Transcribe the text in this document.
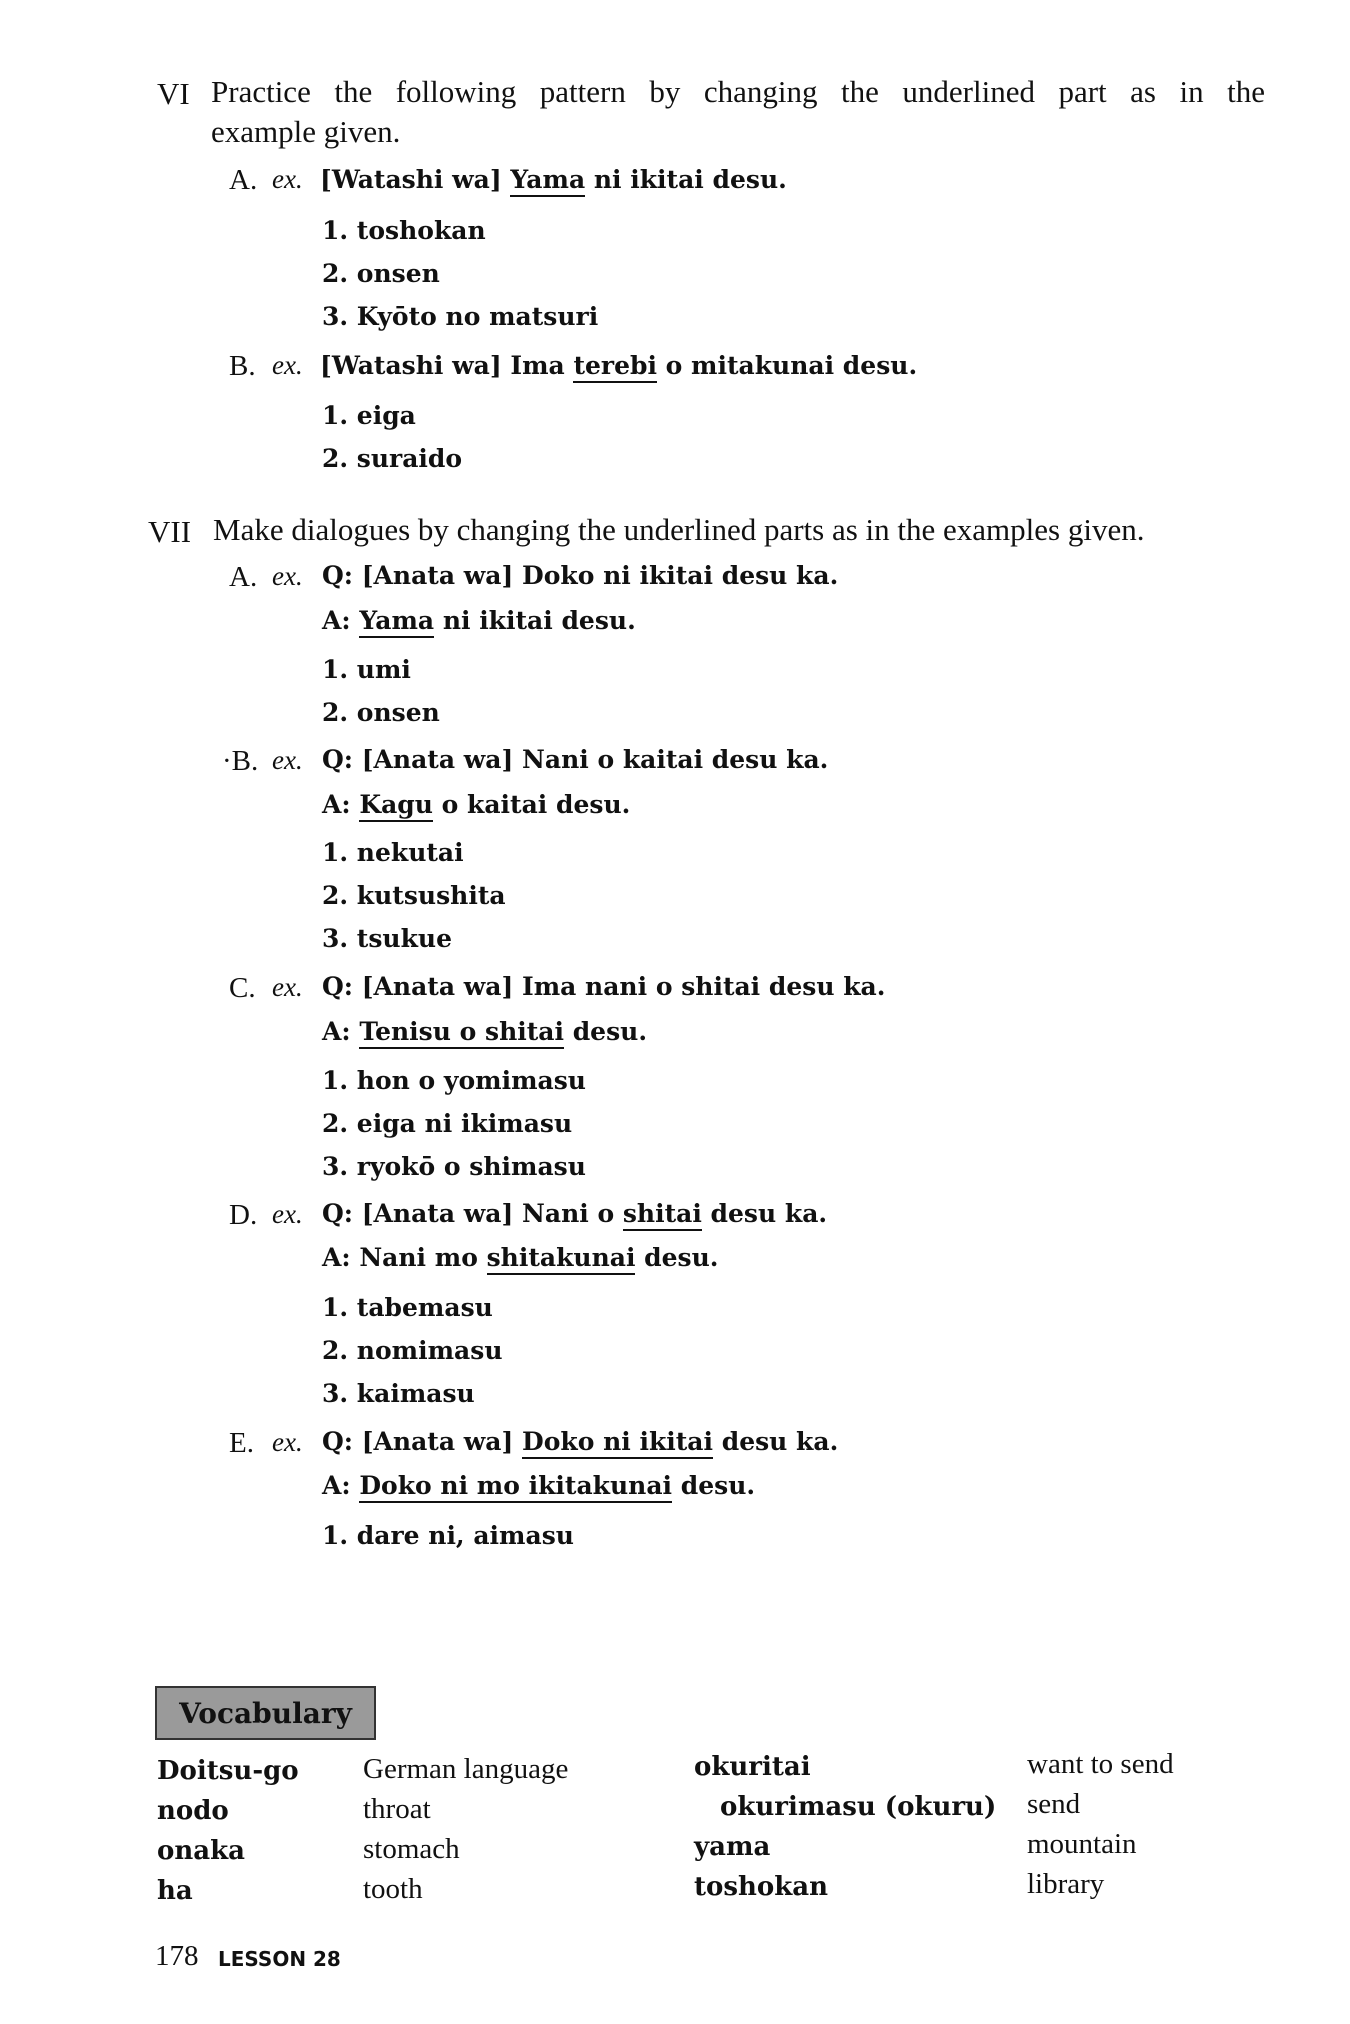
VI Practice the following pattern by changing the underlined part as in the
example given.
A. ex. [Watashi wa] Yama ni ikitai desu.
1. toshokan
2. onsen
3. Kyōto no matsuri
B. ex. [Watashi wa] Ima terebi o mitakunai desu.
1. eiga
2. suraido
VII Make dialogues by changing the underlined parts as in the examples given.
A. ex. Q: [Anata wa] Doko ni ikitai desu ka.
A: Yama ni ikitai desu.
1. umi
2. onsen
·B. ex. Q: [Anata wa] Nani o kaitai desu ka.
A: Kagu o kaitai desu.
1. nekutai
2. kutsushita
3. tsukue
C. ex. Q: [Anata wa] Ima nani o shitai desu ka.
A: Tenisu o shitai desu.
1. hon o yomimasu
2. eiga ni ikimasu
3. ryokō o shimasu
D. ex. Q: [Anata wa] Nani o shitai desu ka.
A: Nani mo shitakunai desu.
1. tabemasu
2. nomimasu
3. kaimasu
E. ex. Q: [Anata wa] Doko ni ikitai desu ka.
A: Doko ni mo ikitakunai desu.
1. dare ni, aimasu
Vocabulary
Doitsu-go German language
nodo	throat
onaka	stomach
ha	tooth
okuritai	want to send
okurimasu (okuru) send
yama	mountain
toshokan	library
178 LESSON 28
